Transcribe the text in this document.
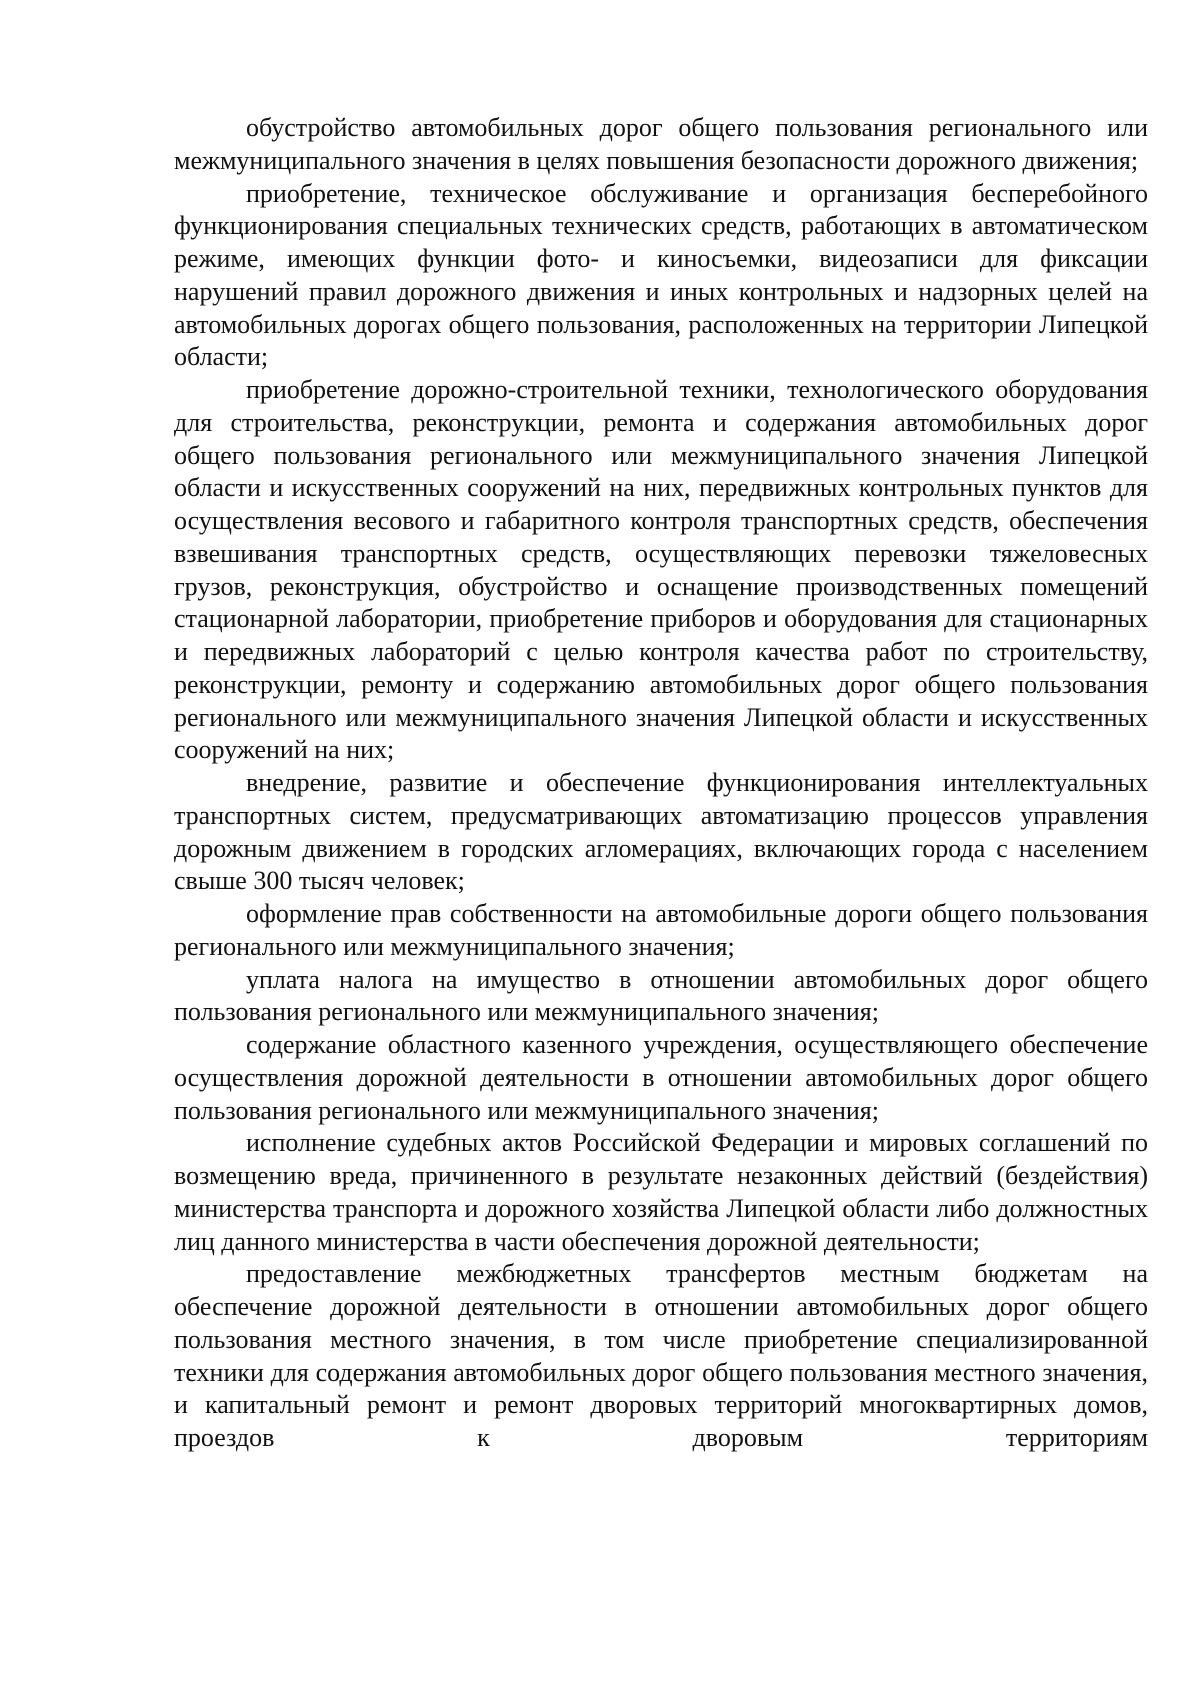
обустройство автомобильных дорог общего пользования регионального или межмуниципального значения в целях повышения безопасности дорожного движения;

приобретение, техническое обслуживание и организация бесперебойного функционирования специальных технических средств, работающих в автоматическом режиме, имеющих функции фото- и киносъемки, видеозаписи для фиксации нарушений правил дорожного движения и иных контрольных и надзорных целей на автомобильных дорогах общего пользования, расположенных на территории Липецкой области;

приобретение дорожно-строительной техники, технологического оборудования для строительства, реконструкции, ремонта и содержания автомобильных дорог общего пользования регионального или межмуниципального значения Липецкой области и искусственных сооружений на них, передвижных контрольных пунктов для осуществления весового и габаритного контроля транспортных средств, обеспечения взвешивания транспортных средств, осуществляющих перевозки тяжеловесных грузов, реконструкция, обустройство и оснащение производственных помещений стационарной лаборатории, приобретение приборов и оборудования для стационарных и передвижных лабораторий с целью контроля качества работ по строительству, реконструкции, ремонту и содержанию автомобильных дорог общего пользования регионального или межмуниципального значения Липецкой области и искусственных сооружений на них;

внедрение, развитие и обеспечение функционирования интеллектуальных транспортных систем, предусматривающих автоматизацию процессов управления дорожным движением в городских агломерациях, включающих города с населением свыше 300 тысяч человек;

оформление прав собственности на автомобильные дороги общего пользования регионального или межмуниципального значения;

уплата налога на имущество в отношении автомобильных дорог общего пользования регионального или межмуниципального значения;

содержание областного казенного учреждения, осуществляющего обеспечение осуществления дорожной деятельности в отношении автомобильных дорог общего пользования регионального или межмуниципального значения;

исполнение судебных актов Российской Федерации и мировых соглашений по возмещению вреда, причиненного в результате незаконных действий (бездействия) министерства транспорта и дорожного хозяйства Липецкой области либо должностных лиц данного министерства в части обеспечения дорожной деятельности;

предоставление межбюджетных трансфертов местным бюджетам на обеспечение дорожной деятельности в отношении автомобильных дорог общего пользования местного значения, в том числе приобретение специализированной техники для содержания автомобильных дорог общего пользования местного значения, и капитальный ремонт и ремонт дворовых территорий многоквартирных домов, проездов к дворовым территориям
